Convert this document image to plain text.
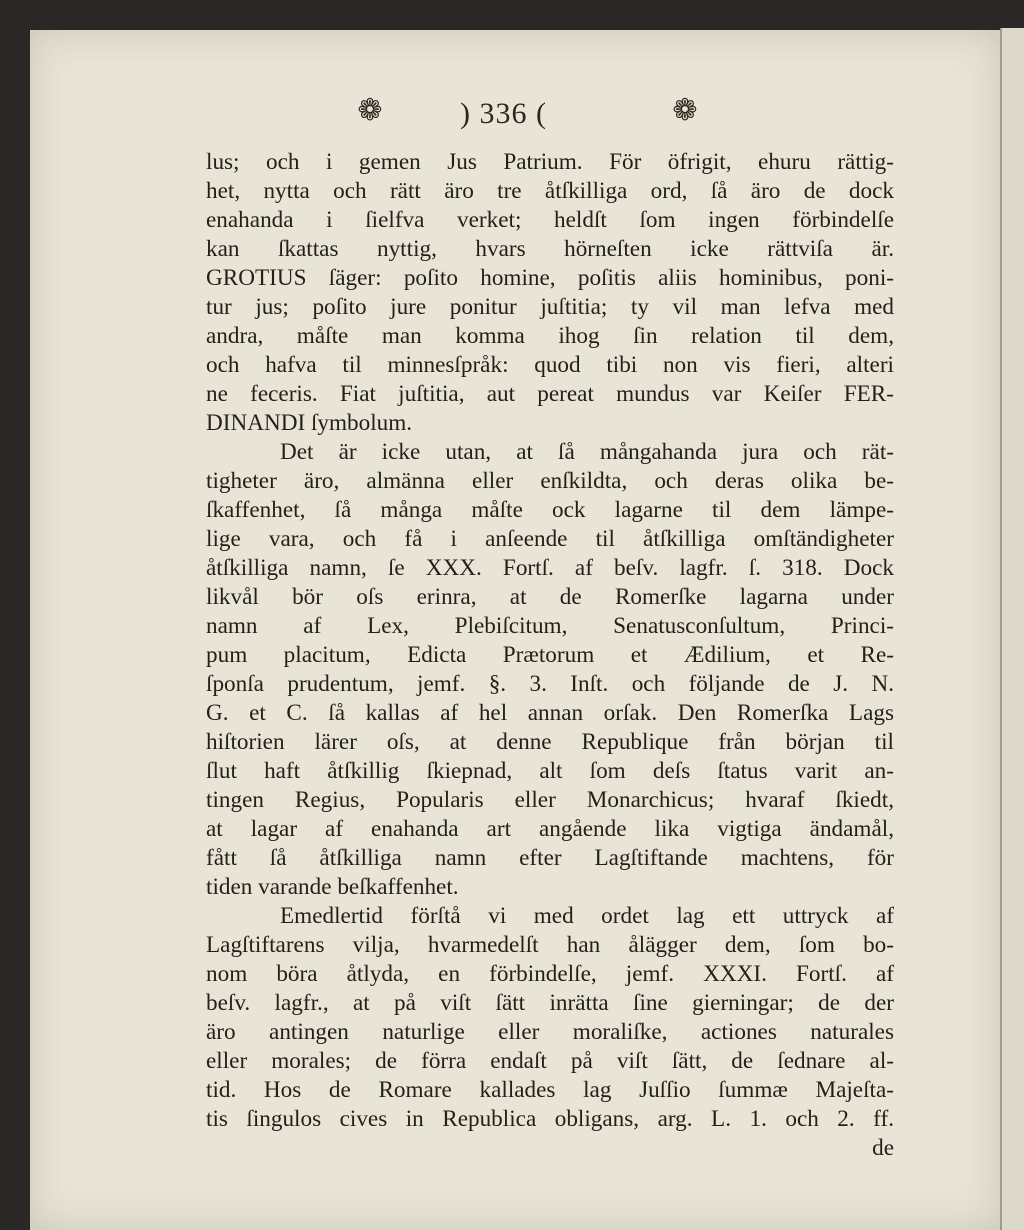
❁	) 336 (	❁
lus; och i gemen Jus Patrium. För öfrigit, ehuru rättig-
het, nytta och rätt äro tre åtſkilliga ord, ſå äro de dock
enahanda i ſielfva verket; heldſt ſom ingen förbindelſe
kan ſkattas nyttig, hvars hörneſten icke rättviſa är.
GROTIUS ſäger: poſito homine, poſitis aliis hominibus, poni-
tur jus; poſito jure ponitur juſtitia; ty vil man lefva med
andra, måſte man komma ihog ſin relation til dem,
och hafva til minnesſpråk: quod tibi non vis fieri, alteri
ne feceris. Fiat juſtitia, aut pereat mundus var Keiſer FER-
DINANDI ſymbolum.
Det är icke utan, at ſå mångahanda jura och rät-
tigheter äro, almänna eller enſkildta, och deras olika be-
ſkaffenhet, ſå många måſte ock lagarne til dem lämpe-
lige vara, och få i anſeende til åtſkilliga omſtändigheter
åtſkilliga namn, ſe XXX. Fortſ. af beſv. lagfr. ſ. 318. Dock
likvål bör oſs erinra, at de Romerſke lagarna under
namn af Lex, Plebiſcitum, Senatusconſultum, Princi-
pum placitum, Edicta Prætorum et Ædilium, et Re-
ſponſa prudentum, jemf. §. 3. Inſt. och följande de J. N.
G. et C. ſå kallas af hel annan orſak. Den Romerſka Lags
hiſtorien lärer oſs, at denne Republique från början til
ſlut haft åtſkillig ſkiepnad, alt ſom deſs ſtatus varit an-
tingen Regius, Popularis eller Monarchicus; hvaraf ſkiedt,
at lagar af enahanda art angående lika vigtiga ändamål,
fått ſå åtſkilliga namn efter Lagſtiftande machtens, för
tiden varande beſkaffenhet.
Emedlertid förſtå vi med ordet lag ett uttryck af
Lagſtiftarens vilja, hvarmedelſt han ålägger dem, ſom bo-
nom böra åtlyda, en förbindelſe, jemf. XXXI. Fortſ. af
beſv. lagfr., at på viſt ſätt inrätta ſine gierningar; de der
äro antingen naturlige eller moraliſke, actiones naturales
eller morales; de förra endaſt på viſt ſätt, de ſednare al-
tid. Hos de Romare kallades lag Juſſio ſummæ Majeſta-
tis ſingulos cives in Republica obligans, arg. L. 1. och 2. ff.
de
